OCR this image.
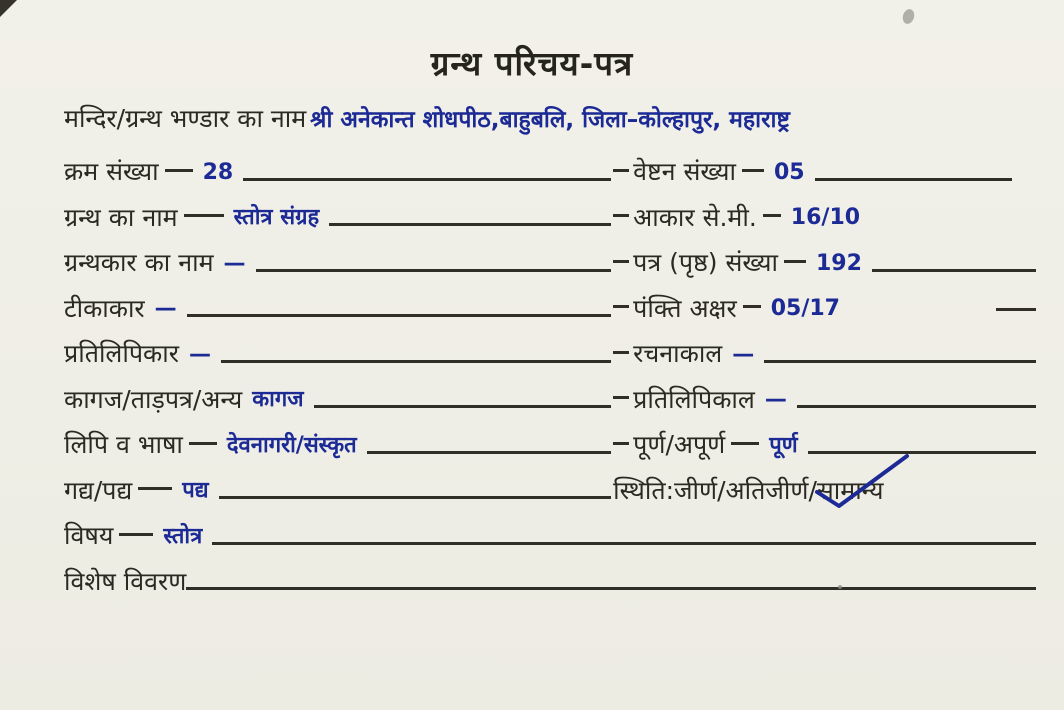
ग्रन्थ परिचय-पत्र
मन्दिर/ग्रन्थ भण्डार का नाम श्री अनेकान्त शोधपीठ,बाहुबलि, जिला–कोल्हापुर, महाराष्ट्र
क्रम संख्या 28	वेष्टन संख्या 05
ग्रन्थ का नाम	स्तोत्र संग्रह	आकार से.मी. 16/10
ग्रन्थकार का नाम —	पत्र (पृष्ठ) संख्या 192
टीकाकार —	पंक्ति अक्षर 05/17
प्रतिलिपिकार —	रचनाकाल —
कागज/ताड़पत्र/अन्य कागज	प्रतिलिपिकाल —
लिपि व भाषा देवनागरी/संस्कृत	पूर्ण/अपूर्ण पूर्ण
गद्य/पद्य पद्य	स्थिति:जीर्ण/अतिजीर्ण/ सामान्य
विषय स्तोत्र
विशेष विवरण
